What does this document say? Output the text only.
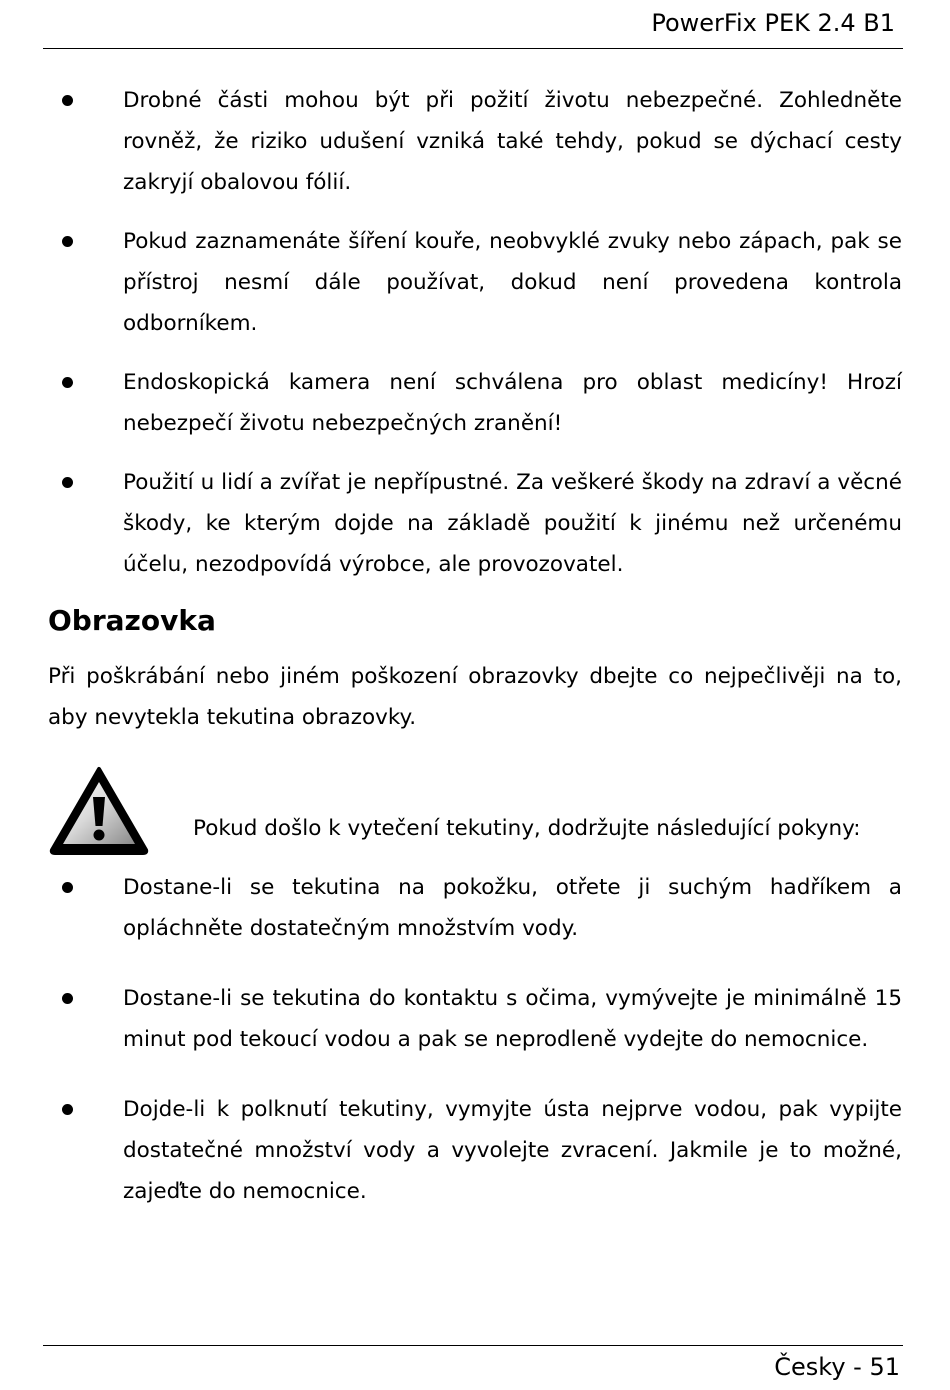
PowerFix PEK 2.4 B1
Drobné části mohou být při požití životu nebezpečné. Zohledněte rovněž, že riziko udušení vzniká také tehdy, pokud se dýchací cesty zakryjí obalovou fólií.
Pokud zaznamenáte šíření kouře, neobvyklé zvuky nebo zápach, pak se přístroj nesmí dále používat, dokud není provedena kontrola odborníkem.
Endoskopická kamera není schválena pro oblast medicíny! Hrozí nebezpečí životu nebezpečných zranění!
Použití u lidí a zvířat je nepřípustné. Za veškeré škody na zdraví a věcné škody, ke kterým dojde na základě použití k jinému než určenému účelu, nezodpovídá výrobce, ale provozovatel.
Obrazovka

Při poškrábání nebo jiném poškození obrazovky dbejte co nejpečlivěji na to, aby nevytekla tekutina obrazovky.

Pokud došlo k vytečení tekutiny, dodržujte následující pokyny:
Dostane-li se tekutina na pokožku, otřete ji suchým hadříkem a opláchněte dostatečným množstvím vody.
Dostane-li se tekutina do kontaktu s očima, vymývejte je minimálně 15 minut pod tekoucí vodou a pak se neprodleně vydejte do nemocnice.
Dojde-li k polknutí tekutiny, vymyjte ústa nejprve vodou, pak vypijte dostatečné množství vody a vyvolejte zvracení. Jakmile je to možné, zajeďte do nemocnice.
Česky - 51
